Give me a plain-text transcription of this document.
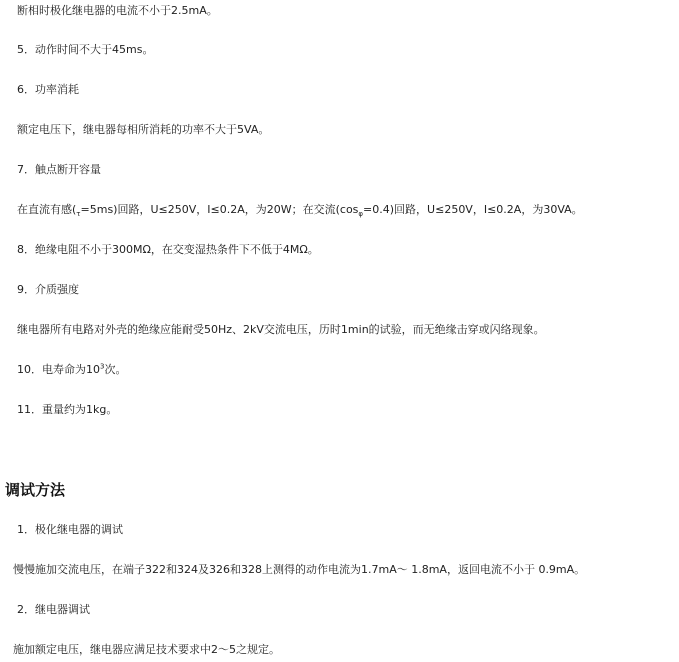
断相时极化继电器的电流不小于2.5mA。
5．动作时间不大于45ms。
6．功率消耗
额定电压下，继电器每相所消耗的功率不大于5VA。
7．触点断开容量
在直流有感$(_\tau=5ms)$回路，U≤250V，I≤0.2A，为20W；在交流$(\cos_\varphi=0.4)$回路，U≤250V，I≤0.2A，为30VA。
8．绝缘电阻不小于300MΩ，在交变湿热条件下不低于4MΩ。
9．介质强度
继电器所有电路对外壳的绝缘应能耐受50Hz、2kV交流电压，历时1min的试验，而无绝缘击穿或闪络现象。
10．电寿命为$10^3$次。
11．重量约为1kg。
调试方法
1．极化继电器的调试
慢慢施加交流电压，在端子322和324及326和328上测得的动作电流为1.7mA～ 1.8mA，返回电流不小于 0.9mA。
2．继电器调试
施加额定电压，继电器应满足技术要求中2～5之规定。
